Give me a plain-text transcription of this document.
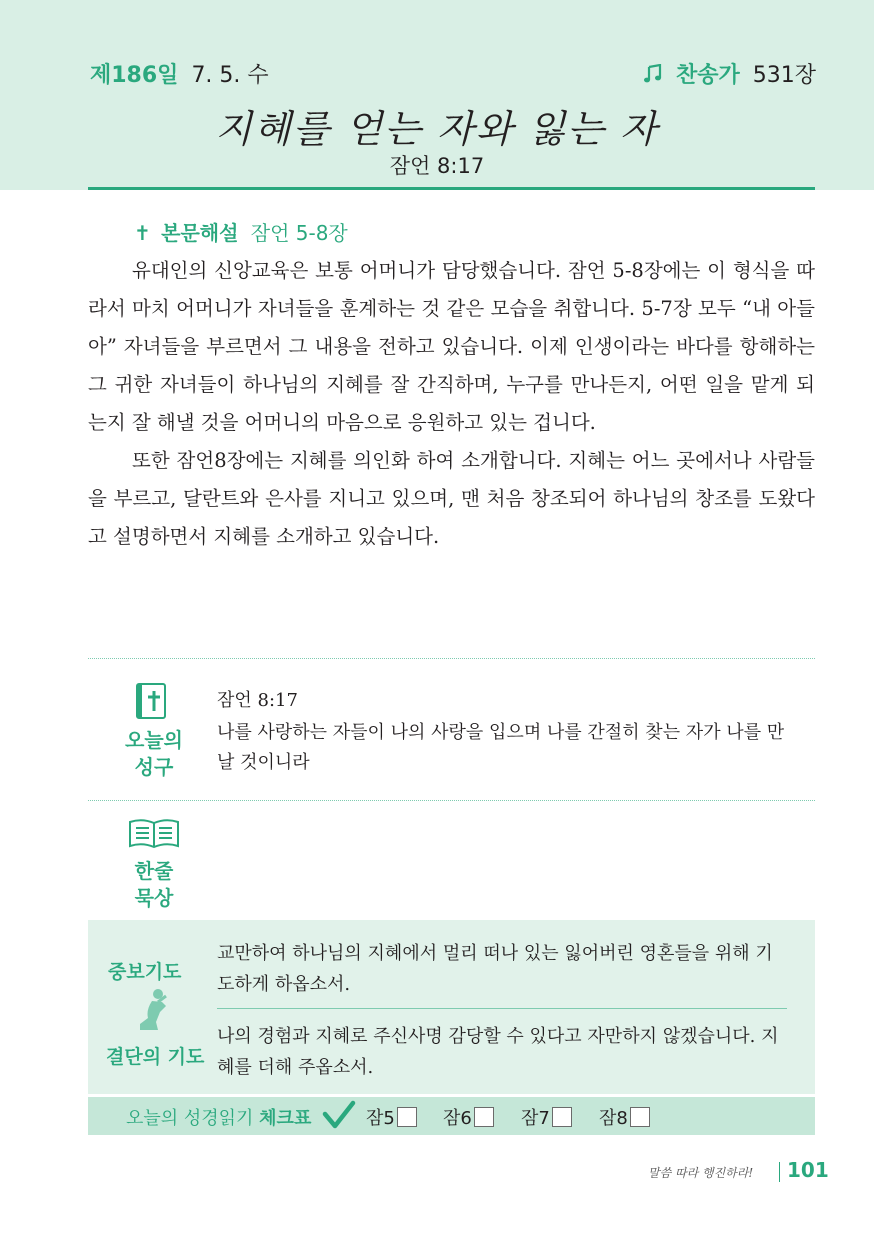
제186일 7. 5. 수	찬송가 531장
지혜를 얻는 자와 잃는 자
잠언 8:17
✝ 본문해설 잠언 5-8장

유대인의 신앙교육은 보통 어머니가 담당했습니다. 잠언 5-8장에는 이 형식을 따라서 마치 어머니가 자녀들을 훈계하는 것 같은 모습을 취합니다. 5-7장 모두 “내 아들아” 자녀들을 부르면서 그 내용을 전하고 있습니다. 이제 인생이라는 바다를 항해하는 그 귀한 자녀들이 하나님의 지혜를 잘 간직하며, 누구를 만나든지, 어떤 일을 맡게 되는지 잘 해낼 것을 어머니의 마음으로 응원하고 있는 겁니다.

또한 잠언8장에는 지혜를 의인화 하여 소개합니다. 지혜는 어느 곳에서나 사람들을 부르고, 달란트와 은사를 지니고 있으며, 맨 처음 창조되어 하나님의 창조를 도왔다고 설명하면서 지혜를 소개하고 있습니다.

오늘의
성구
잠언 8:17
나를 사랑하는 자들이 나의 사랑을 입으며 나를 간절히 찾는 자가 나를 만날 것이니라
한줄
묵상
중보기도
결단의 기도
교만하여 하나님의 지혜에서 멀리 떠나 있는 잃어버린 영혼들을 위해 기도하게 하옵소서.
나의 경험과 지혜로 주신사명 감당할 수 있다고 자만하지 않겠습니다. 지혜를 더해 주옵소서.
오늘의 성경읽기 체크표	잠5	잠6	잠7	잠8
말씀 따라 행진하라! 101
